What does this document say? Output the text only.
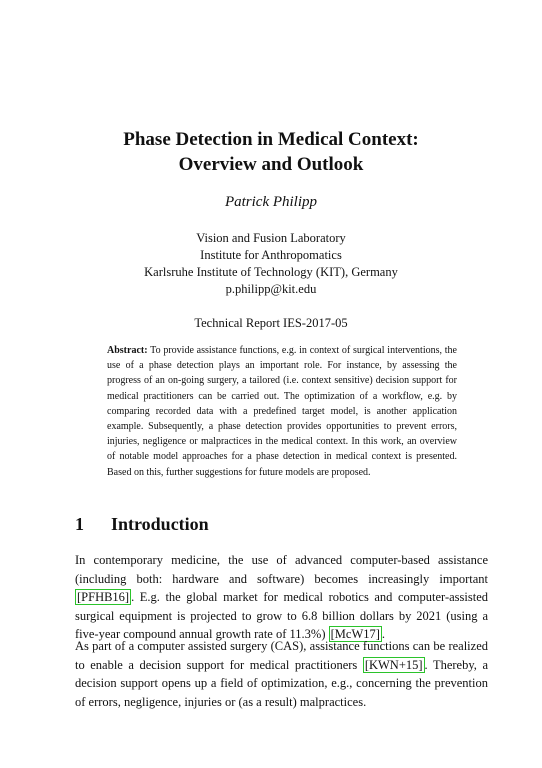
Phase Detection in Medical Context:
Overview and Outlook
Patrick Philipp
Vision and Fusion Laboratory
Institute for Anthropomatics
Karlsruhe Institute of Technology (KIT), Germany
p.philipp@kit.edu
Technical Report IES-2017-05
Abstract: To provide assistance functions, e.g. in context of surgical interventions, the use of a phase detection plays an important role. For instance, by assessing the progress of an on-going surgery, a tailored (i.e. context sensitive) decision support for medical practitioners can be carried out. The optimization of a workflow, e.g. by comparing recorded data with a predefined target model, is another application example. Subsequently, a phase detection provides opportunities to prevent errors, injuries, negligence or malpractices in the medical context. In this work, an overview of notable model approaches for a phase detection in medical context is presented. Based on this, further suggestions for future models are proposed.
1 Introduction
In contemporary medicine, the use of advanced computer-based assistance (including both: hardware and software) becomes increasingly important [PFHB16] . E.g. the global market for medical robotics and computer-assisted surgical equipment is projected to grow to 6.8 billion dollars by 2021 (using a five-year compound annual growth rate of 11.3%) [McW17] .
As part of a computer assisted surgery (CAS), assistance functions can be realized to enable a decision support for medical practitioners [KWN+15] . Thereby, a decision support opens up a field of optimization, e.g., concerning the prevention of errors, negligence, injuries or (as a result) malpractices.
